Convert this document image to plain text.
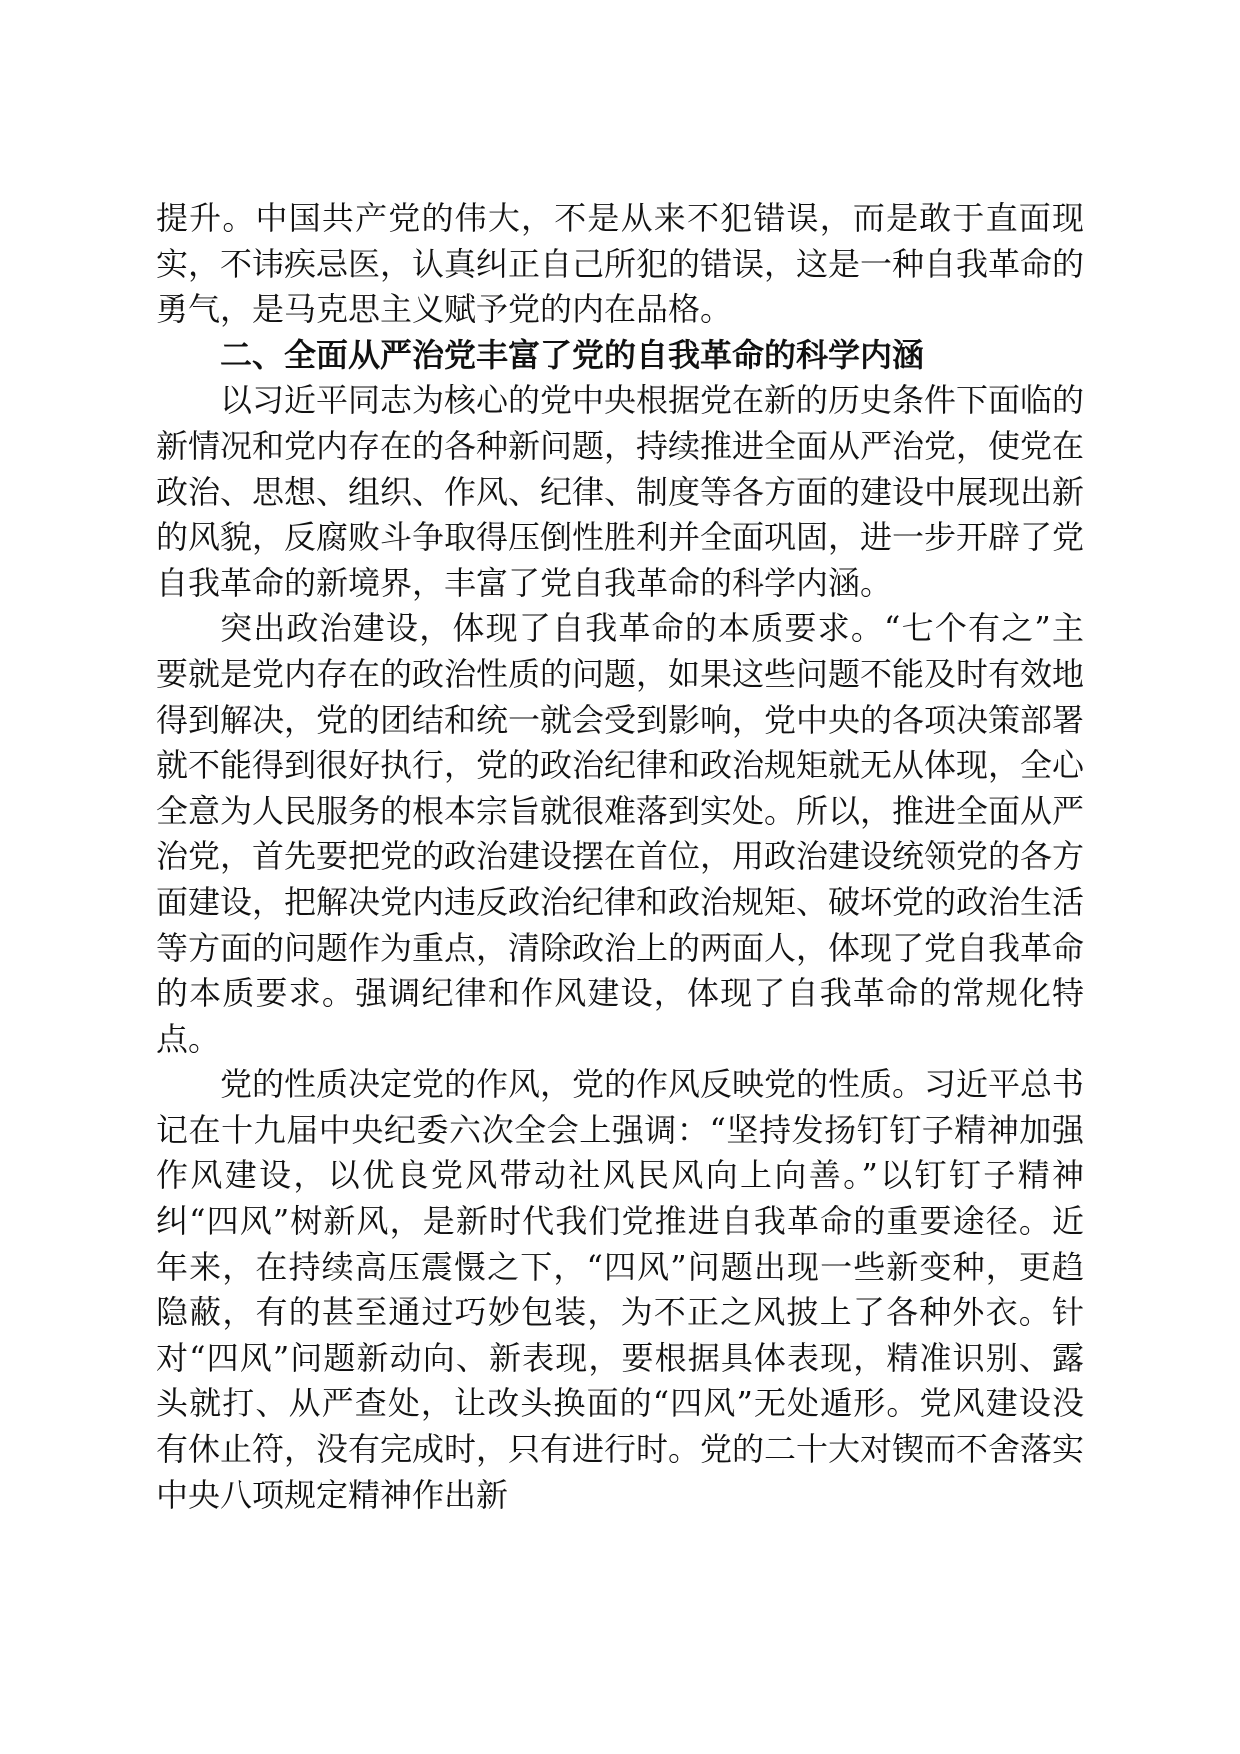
提升。中国共产党的伟大，不是从来不犯错误，而是敢于直面现实，不讳疾忌医，认真纠正自己所犯的错误，这是一种自我革命的勇气，是马克思主义赋予党的内在品格。

二、全面从严治党丰富了党的自我革命的科学内涵

以习近平同志为核心的党中央根据党在新的历史条件下面临的新情况和党内存在的各种新问题，持续推进全面从严治党，使党在政治、思想、组织、作风、纪律、制度等各方面的建设中展现出新的风貌，反腐败斗争取得压倒性胜利并全面巩固，进一步开辟了党自我革命的新境界，丰富了党自我革命的科学内涵。

突出政治建设，体现了自我革命的本质要求。“七个有之”主要就是党内存在的政治性质的问题，如果这些问题不能及时有效地得到解决，党的团结和统一就会受到影响，党中央的各项决策部署就不能得到很好执行，党的政治纪律和政治规矩就无从体现，全心全意为人民服务的根本宗旨就很难落到实处。所以，推进全面从严治党，首先要把党的政治建设摆在首位，用政治建设统领党的各方面建设，把解决党内违反政治纪律和政治规矩、破坏党的政治生活等方面的问题作为重点，清除政治上的两面人，体现了党自我革命的本质要求。强调纪律和作风建设，体现了自我革命的常规化特点。

党的性质决定党的作风，党的作风反映党的性质。习近平总书记在十九届中央纪委六次全会上强调：“坚持发扬钉钉子精神加强作风建设，以优良党风带动社风民风向上向善。”以钉钉子精神纠“四风”树新风，是新时代我们党推进自我革命的重要途径。近年来，在持续高压震慑之下，“四风”问题出现一些新变种，更趋隐蔽，有的甚至通过巧妙包装，为不正之风披上了各种外衣。针对“四风”问题新动向、新表现，要根据具体表现，精准识别、露头就打、从严查处，让改头换面的“四风”无处遁形。党风建设没有休止符，没有完成时，只有进行时。党的二十大对锲而不舍落实中央八项规定精神作出新
